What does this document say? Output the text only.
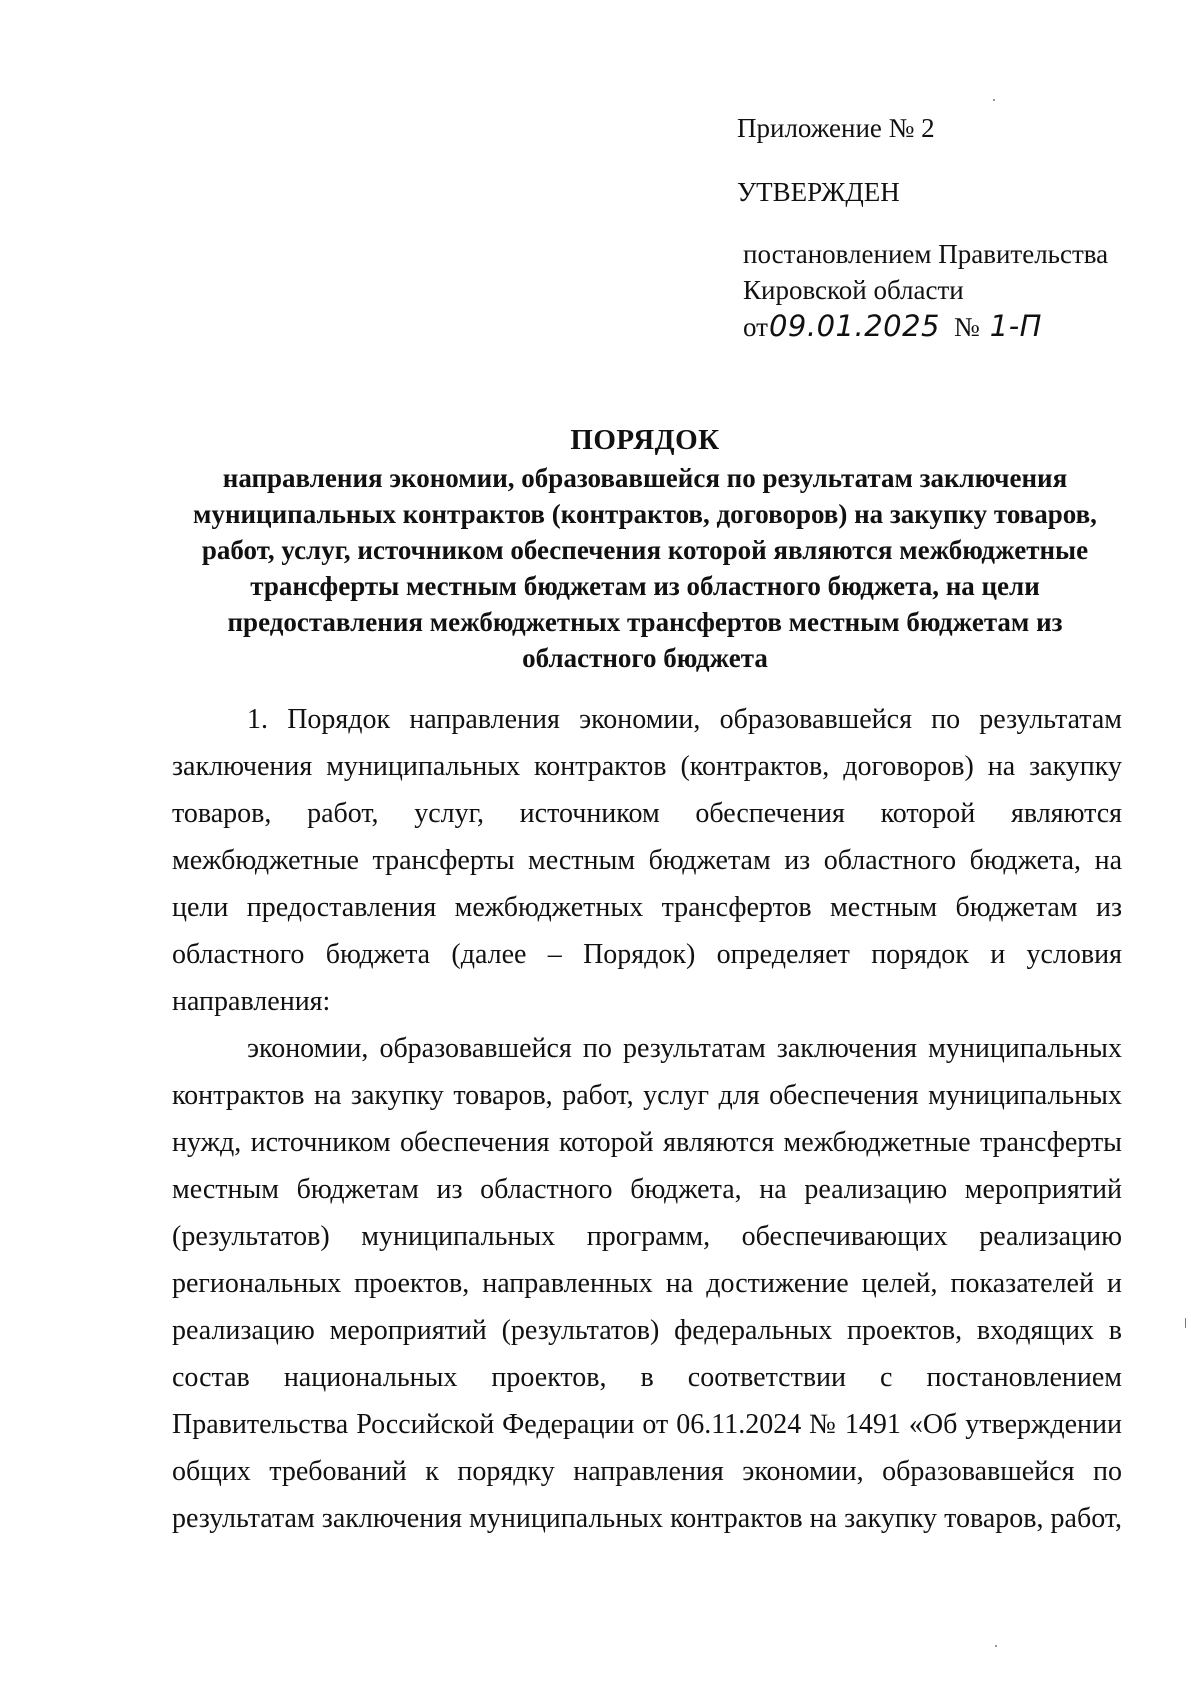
Приложение № 2
УТВЕРЖДЕН
постановлением Правительства
Кировской области
от09.01.2025 № 1-П
ПОРЯДОК
направления экономии, образовавшейся по результатам заключения
муниципальных контрактов (контрактов, договоров) на закупку товаров,
работ, услуг, источником обеспечения которой являются межбюджетные
трансферты местным бюджетам из областного бюджета, на цели
предоставления межбюджетных трансфертов местным бюджетам из
областного бюджета
1. Порядок направления экономии, образовавшейся по результатам
заключения муниципальных контрактов (контрактов, договоров) на закупку
товаров, работ, услуг, источником обеспечения которой являются
межбюджетные трансферты местным бюджетам из областного бюджета, на
цели предоставления межбюджетных трансфертов местным бюджетам из
областного бюджета (далее – Порядок) определяет порядок и условия
направления:
экономии, образовавшейся по результатам заключения муниципальных
контрактов на закупку товаров, работ, услуг для обеспечения муниципальных
нужд, источником обеспечения которой являются межбюджетные трансферты
местным бюджетам из областного бюджета, на реализацию мероприятий
(результатов) муниципальных программ, обеспечивающих реализацию
региональных проектов, направленных на достижение целей, показателей и
реализацию мероприятий (результатов) федеральных проектов, входящих в
состав национальных проектов, в соответствии с постановлением
Правительства Российской Федерации от 06.11.2024 № 1491 «Об утверждении
общих требований к порядку направления экономии, образовавшейся по
результатам заключения муниципальных контрактов на закупку товаров, работ,
